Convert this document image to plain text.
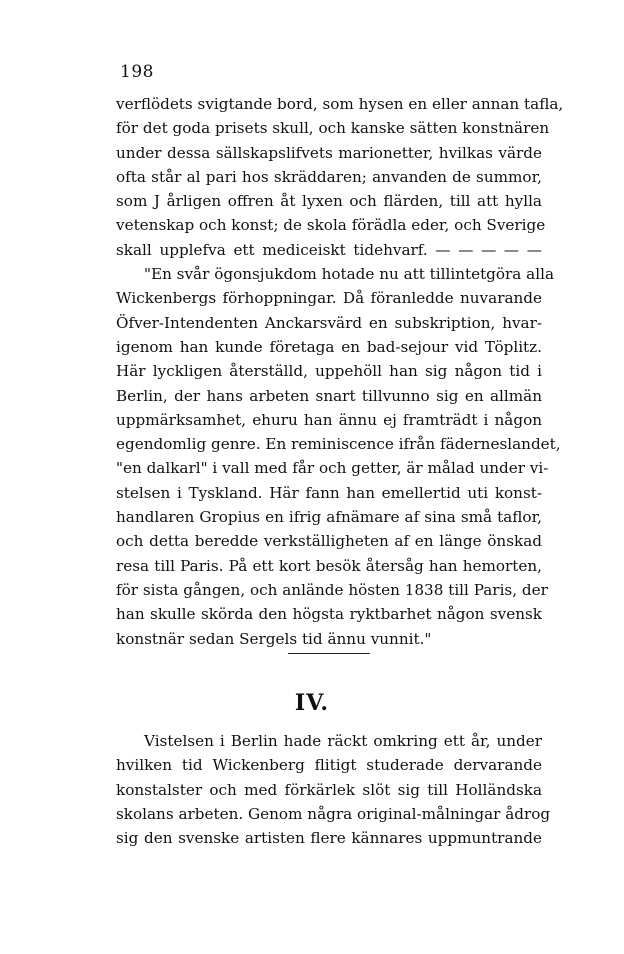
198
verflödets svigtande bord, som hysen en eller annan tafla,
för det goda prisets skull, och kanske sätten konstnären
under dessa sällskapslifvets marionetter, hvilkas värde
ofta står al pari hos skräddaren; anvanden de summor,
som J årligen offren åt lyxen och flärden, till att hylla
vetenskap och konst; de skola förädla eder, och Sverige
skall upplefva ett mediceiskt tidehvarf. — — — — —
"En svår ögonsjukdom hotade nu att tillintetgöra alla
Wickenbergs förhoppningar. Då föranledde nuvarande
Öfver-Intendenten Anckarsvärd en subskription, hvar-
igenom han kunde företaga en bad-sejour vid Töplitz.
Här lyckligen återställd, uppehöll han sig någon tid i
Berlin, der hans arbeten snart tillvunno sig en allmän
uppmärksamhet, ehuru han ännu ej framträdt i någon
egendomlig genre. En reminiscence ifrån fäderneslandet,
"en dalkarl" i vall med får och getter, är målad under vi-
stelsen i Tyskland. Här fann han emellertid uti konst-
handlaren Gropius en ifrig afnämare af sina små taflor,
och detta beredde verkställigheten af en länge önskad
resa till Paris. På ett kort besök återsåg han hemorten,
för sista gången, och anlände hösten 1838 till Paris, der
han skulle skörda den högsta ryktbarhet någon svensk
konstnär sedan Sergels tid ännu vunnit."
IV.
Vistelsen i Berlin hade räckt omkring ett år, under
hvilken tid Wickenberg flitigt studerade dervarande
konstalster och med förkärlek slöt sig till Holländska
skolans arbeten. Genom några original-målningar ådrog
sig den svenske artisten flere kännares uppmuntrande
